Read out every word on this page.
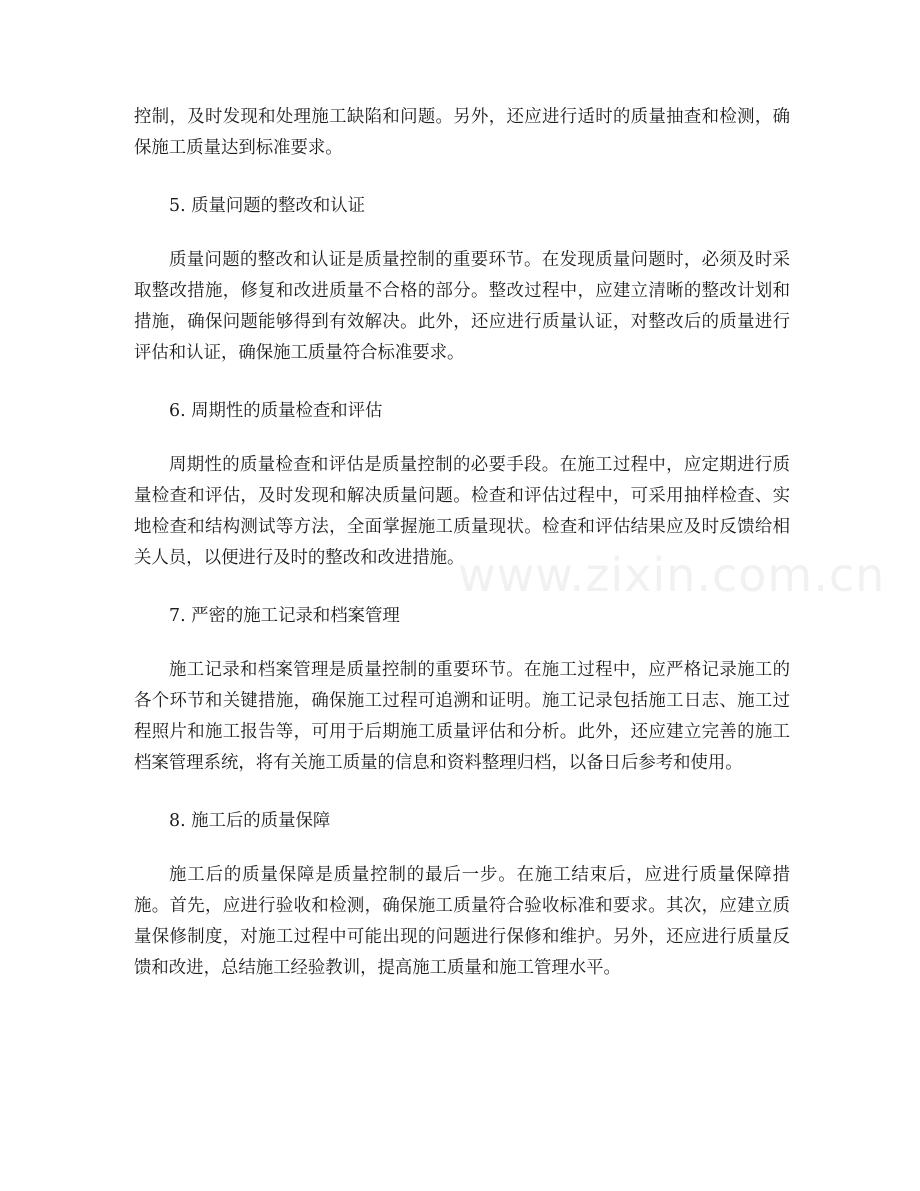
控制，及时发现和处理施工缺陷和问题。另外，还应进行适时的质量抽查和检测，确保施工质量达到标准要求。

5. 质量问题的整改和认证

质量问题的整改和认证是质量控制的重要环节。在发现质量问题时，必须及时采取整改措施，修复和改进质量不合格的部分。整改过程中，应建立清晰的整改计划和措施，确保问题能够得到有效解决。此外，还应进行质量认证，对整改后的质量进行评估和认证，确保施工质量符合标准要求。

6. 周期性的质量检查和评估

周期性的质量检查和评估是质量控制的必要手段。在施工过程中，应定期进行质量检查和评估，及时发现和解决质量问题。检查和评估过程中，可采用抽样检查、实地检查和结构测试等方法，全面掌握施工质量现状。检查和评估结果应及时反馈给相关人员，以便进行及时的整改和改进措施。

7. 严密的施工记录和档案管理

施工记录和档案管理是质量控制的重要环节。在施工过程中，应严格记录施工的各个环节和关键措施，确保施工过程可追溯和证明。施工记录包括施工日志、施工过程照片和施工报告等，可用于后期施工质量评估和分析。此外，还应建立完善的施工档案管理系统，将有关施工质量的信息和资料整理归档，以备日后参考和使用。

8. 施工后的质量保障

施工后的质量保障是质量控制的最后一步。在施工结束后，应进行质量保障措施。首先，应进行验收和检测，确保施工质量符合验收标准和要求。其次，应建立质量保修制度，对施工过程中可能出现的问题进行保修和维护。另外，还应进行质量反馈和改进，总结施工经验教训，提高施工质量和施工管理水平。

www.zixin.com.cn
